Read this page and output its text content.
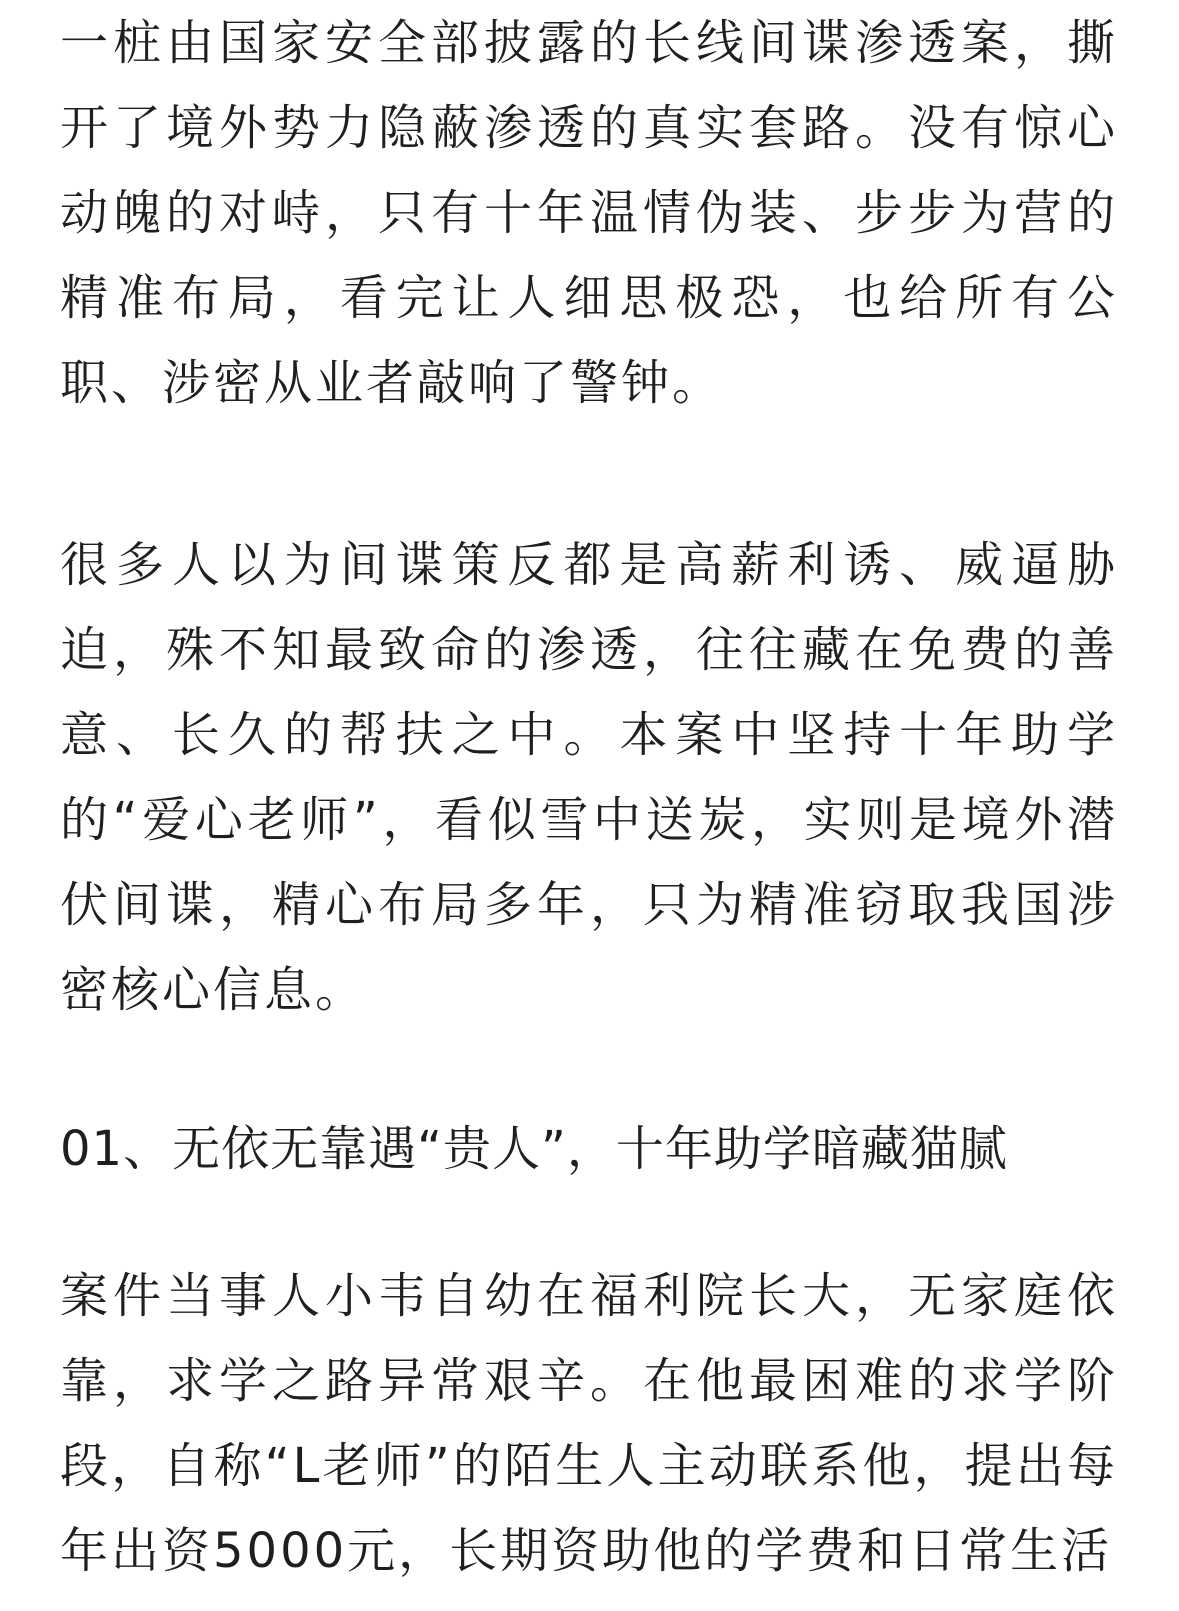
一桩由国家安全部披露的长线间谍渗透案，撕开了境外势力隐蔽渗透的真实套路。没有惊心动魄的对峙，只有十年温情伪装、步步为营的精准布局，看完让人细思极恐，也给所有公职、涉密从业者敲响了警钟。

很多人以为间谍策反都是高薪利诱、威逼胁迫，殊不知最致命的渗透，往往藏在免费的善意、长久的帮扶之中。本案中坚持十年助学的“爱心老师”，看似雪中送炭，实则是境外潜伏间谍，精心布局多年，只为精准窃取我国涉密核心信息。

01、无依无靠遇“贵人”，十年助学暗藏猫腻

案件当事人小韦自幼在福利院长大，无家庭依靠，求学之路异常艰辛。在他最困难的求学阶段，自称“L老师”的陌生人主动联系他，提出每年出资5000元，长期资助他的学费和日常生活
